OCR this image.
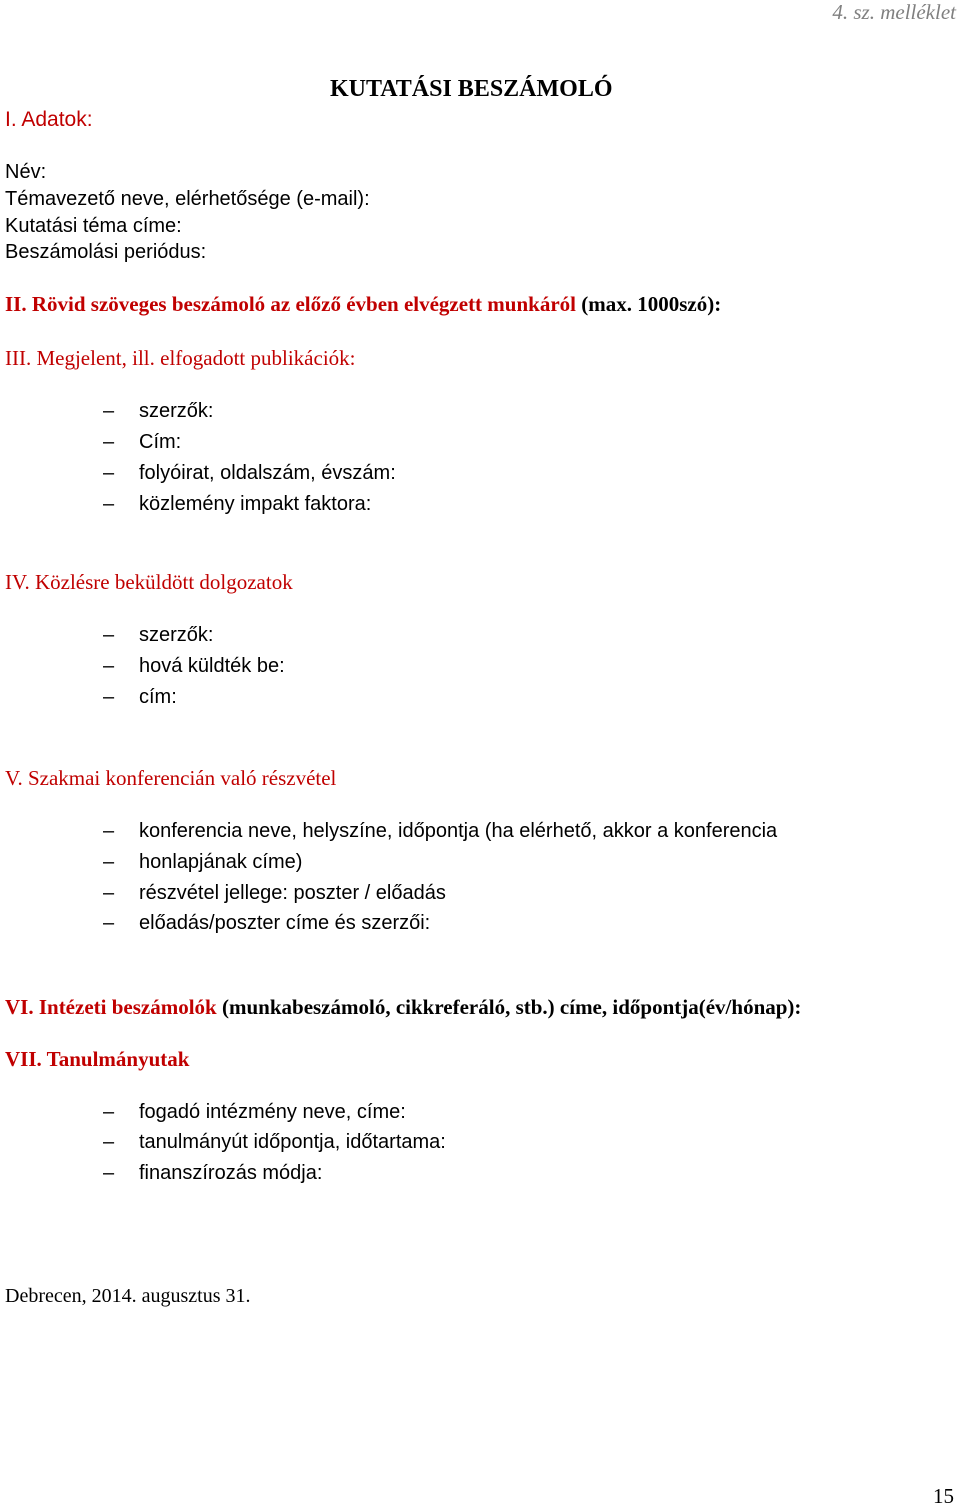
4. sz. melléklet
KUTATÁSI BESZÁMOLÓ
I. Adatok:
Név:
Témavezető neve, elérhetősége (e-mail):
Kutatási téma címe:
Beszámolási periódus:
II. Rövid szöveges beszámoló az előző évben elvégzett munkáról (max. 1000szó):
III. Megjelent, ill. elfogadott publikációk:
– szerzők:
– Cím:
– folyóirat, oldalszám, évszám:
– közlemény impakt faktora:
IV. Közlésre beküldött dolgozatok
– szerzők:
– hová küldték be:
– cím:
V. Szakmai konferencián való részvétel
– konferencia neve, helyszíne, időpontja (ha elérhető, akkor a konferencia
– honlapjának címe)
– részvétel jellege: poszter / előadás
– előadás/poszter címe és szerzői:
VI. Intézeti beszámolók (munkabeszámoló, cikkreferáló, stb.) címe, időpontja(év/hónap):
VII. Tanulmányutak
– fogadó intézmény neve, címe:
– tanulmányút időpontja, időtartama:
– finanszírozás módja:
Debrecen, 2014. augusztus 31.
15
